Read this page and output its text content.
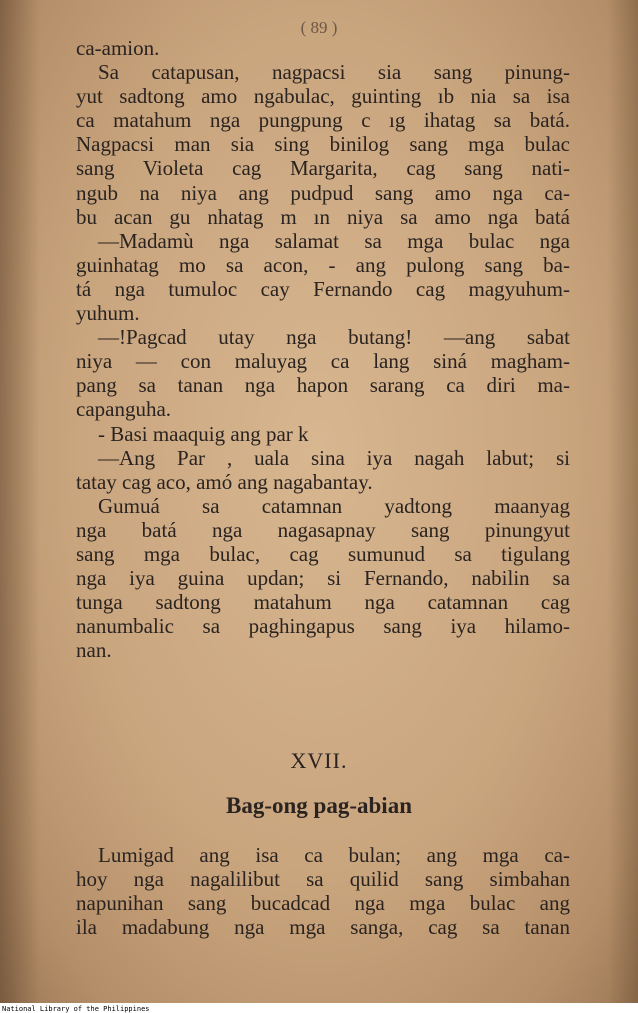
( 89 )
ca-amion.
Sa catapusan, nagpacsi sia sang pinung-
yut sadtong amo ngabulac, guinting ıb nia sa isa
ca matahum nga pungpung c ıg ihatag sa batá.
Nagpacsi man sia sing binilog sang mga bulac
sang Violeta cag Margarita, cag sang nati-
ngub na niya ang pudpud sang amo nga ca-
bu acan gu nhatag m ın niya sa amo nga batá
—Madamù nga salamat sa mga bulac nga
guinhatag mo sa acon, - ang pulong sang ba-
tá nga tumuloc cay Fernando cag magyuhum-
yuhum.
—!Pagcad utay nga butang! —ang sabat
niya — con maluyag ca lang siná magham-
pang sa tanan nga hapon sarang ca diri ma-
capanguha.
- Basi maaquig ang par k
—Ang Par , uala sina iya nagah labut; si
tatay cag aco, amó ang nagabantay.
Gumuá sa catamnan yadtong maanyag
nga batá nga nagasapnay sang pinungyut
sang mga bulac, cag sumunud sa tigulang
nga iya guina updan; si Fernando, nabilin sa
tunga sadtong matahum nga catamnan cag
nanumbalic sa paghingapus sang iya hilamo-
nan.
XVII.
Bag-ong pag-abian
Lumigad ang isa ca bulan; ang mga ca-
hoy nga nagalilibut sa quilid sang simbahan
napunihan sang bucadcad nga mga bulac ang
ila madabung nga mga sanga, cag sa tanan
National Library of the Philippines
